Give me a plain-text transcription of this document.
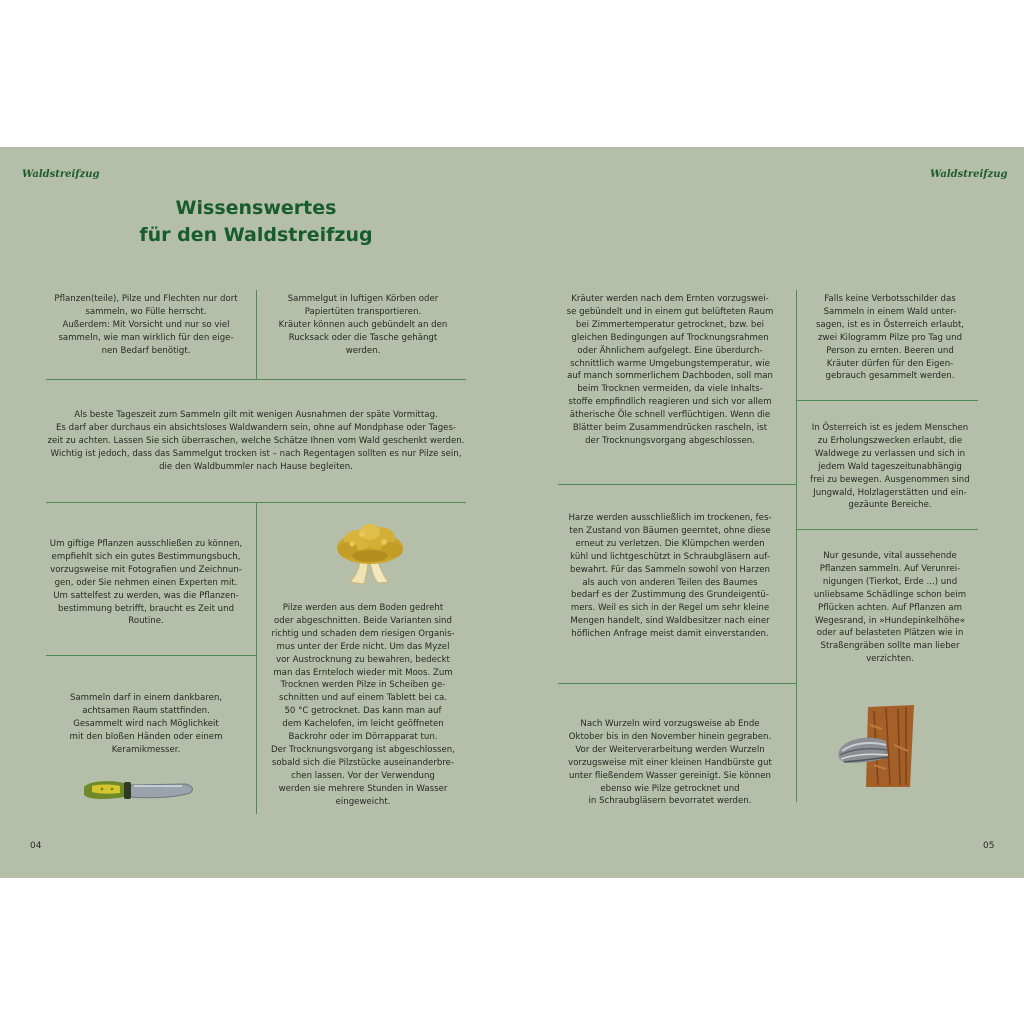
Waldstreifzug	Waldstreifzug
Wissenswertes
für den Waldstreifzug
Pflanzen(teile), Pilze und Flechten nur dort
sammeln, wo Fülle herrscht.
Außerdem: Mit Vorsicht und nur so viel
sammeln, wie man wirklich für den eige-
nen Bedarf benötigt.
Sammelgut in luftigen Körben oder
Papiertüten transportieren.
Kräuter können auch gebündelt an den
Rucksack oder die Tasche gehängt
werden.
Als beste Tageszeit zum Sammeln gilt mit wenigen Ausnahmen der späte Vormittag.
Es darf aber durchaus ein absichtsloses Waldwandern sein, ohne auf Mondphase oder Tages-
zeit zu achten. Lassen Sie sich überraschen, welche Schätze Ihnen vom Wald geschenkt werden.
Wichtig ist jedoch, dass das Sammelgut trocken ist – nach Regentagen sollten es nur Pilze sein,
die den Waldbummler nach Hause begleiten.
Um giftige Pflanzen ausschließen zu können,
empfiehlt sich ein gutes Bestimmungsbuch,
vorzugsweise mit Fotografien und Zeichnun-
gen, oder Sie nehmen einen Experten mit.
Um sattelfest zu werden, was die Pflanzen-
bestimmung betrifft, braucht es Zeit und
Routine.
Pilze werden aus dem Boden gedreht
oder abgeschnitten. Beide Varianten sind
richtig und schaden dem riesigen Organis-
mus unter der Erde nicht. Um das Myzel
vor Austrocknung zu bewahren, bedeckt
man das Ernteloch wieder mit Moos. Zum
Trocknen werden Pilze in Scheiben ge-
schnitten und auf einem Tablett bei ca.
50 °C getrocknet. Das kann man auf
dem Kachelofen, im leicht geöffneten
Backrohr oder im Dörrapparat tun.
Der Trocknungsvorgang ist abgeschlossen,
sobald sich die Pilzstücke auseinanderbre-
chen lassen. Vor der Verwendung
werden sie mehrere Stunden in Wasser
eingeweicht.
Sammeln darf in einem dankbaren,
achtsamen Raum stattfinden.
Gesammelt wird nach Möglichkeit
mit den bloßen Händen oder einem
Keramikmesser.
04
Kräuter werden nach dem Ernten vorzugswei-
se gebündelt und in einem gut belüfteten Raum
bei Zimmertemperatur getrocknet, bzw. bei
gleichen Bedingungen auf Trocknungsrahmen
oder Ähnlichem aufgelegt. Eine überdurch-
schnittlich warme Umgebungstemperatur, wie
auf manch sommerlichem Dachboden, soll man
beim Trocknen vermeiden, da viele Inhalts-
stoffe empfindlich reagieren und sich vor allem
ätherische Öle schnell verflüchtigen. Wenn die
Blätter beim Zusammendrücken rascheln, ist
der Trocknungsvorgang abgeschlossen.
Falls keine Verbotsschilder das
Sammeln in einem Wald unter-
sagen, ist es in Österreich erlaubt,
zwei Kilogramm Pilze pro Tag und
Person zu ernten. Beeren und
Kräuter dürfen für den Eigen-
gebrauch gesammelt werden.
In Österreich ist es jedem Menschen
zu Erholungszwecken erlaubt, die
Waldwege zu verlassen und sich in
jedem Wald tageszeitunabhängig
frei zu bewegen. Ausgenommen sind
Jungwald, Holzlagerstätten und ein-
gezäunte Bereiche.
Harze werden ausschließlich im trockenen, fes-
ten Zustand von Bäumen geerntet, ohne diese
erneut zu verletzen. Die Klümpchen werden
kühl und lichtgeschützt in Schraubgläsern auf-
bewahrt. Für das Sammeln sowohl von Harzen
als auch von anderen Teilen des Baumes
bedarf es der Zustimmung des Grundeigentü-
mers. Weil es sich in der Regel um sehr kleine
Mengen handelt, sind Waldbesitzer nach einer
höflichen Anfrage meist damit einverstanden.
Nur gesunde, vital aussehende
Pflanzen sammeln. Auf Verunrei-
nigungen (Tierkot, Erde ...) und
unliebsame Schädlinge schon beim
Pflücken achten. Auf Pflanzen am
Wegesrand, in »Hundepinkelhöhe«
oder auf belasteten Plätzen wie in
Straßengräben sollte man lieber
verzichten.
Nach Wurzeln wird vorzugsweise ab Ende
Oktober bis in den November hinein gegraben.
Vor der Weiterverarbeitung werden Wurzeln
vorzugsweise mit einer kleinen Handbürste gut
unter fließendem Wasser gereinigt. Sie können
ebenso wie Pilze getrocknet und
in Schraubgläsern bevorratet werden.
05
